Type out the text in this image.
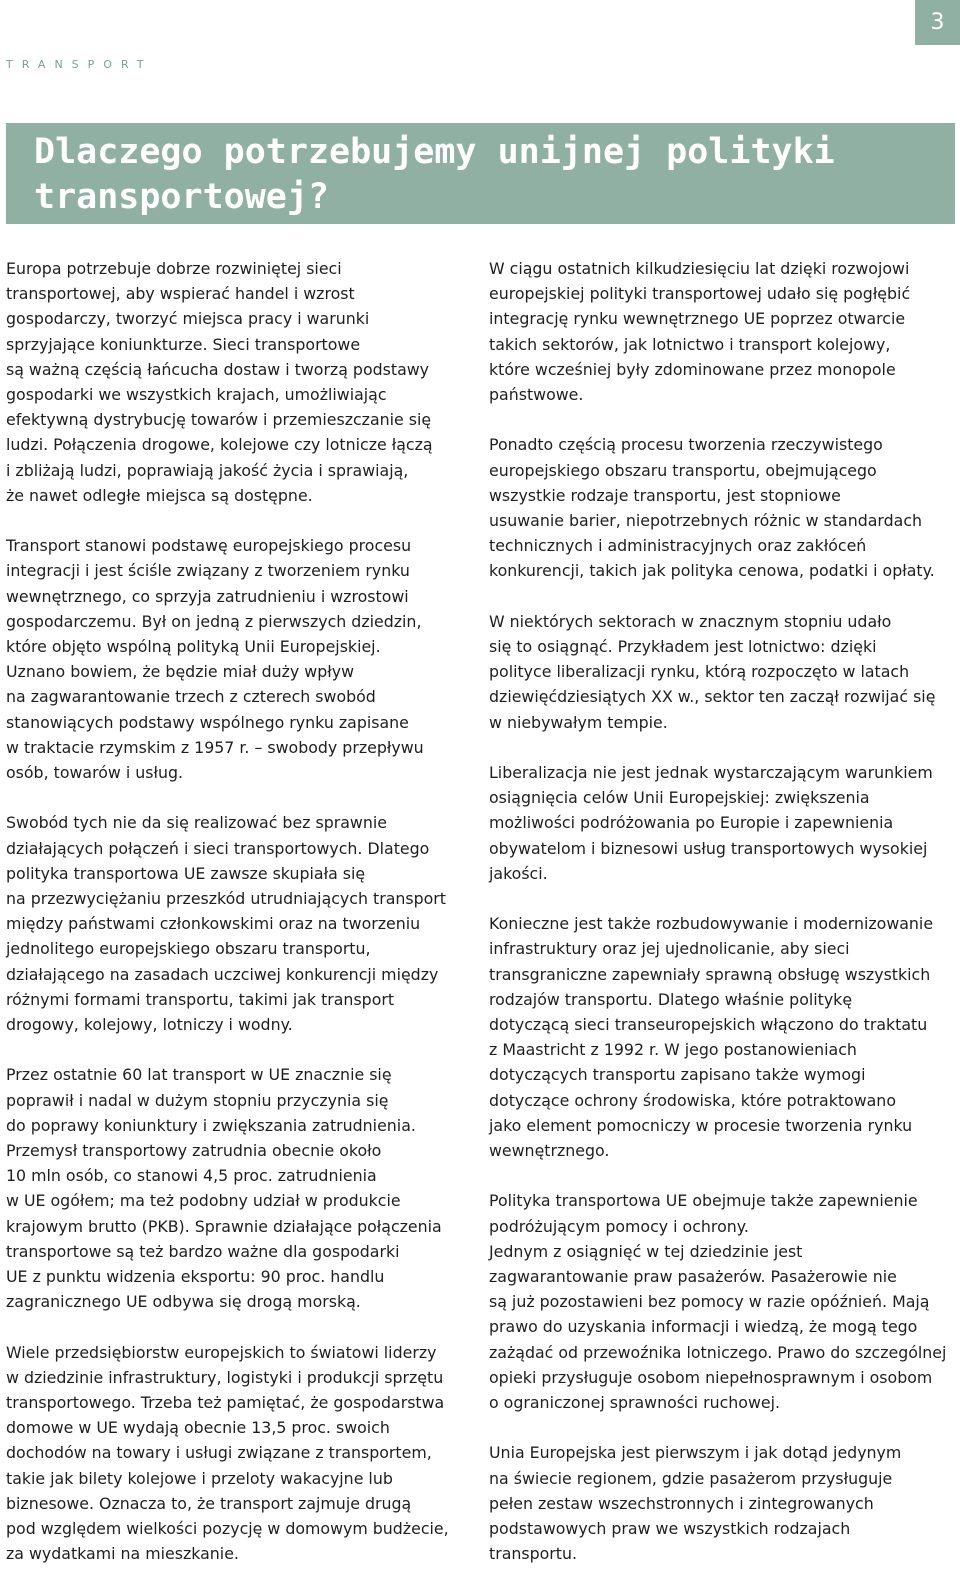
TRANSPORT
3
Dlaczego potrzebujemy unijnej polityki
transportowej?

Europa potrzebuje dobrze rozwiniętej sieci
transportowej, aby wspierać handel i wzrost
gospodarczy, tworzyć miejsca pracy i warunki
sprzyjające koniunkturze. Sieci transportowe
są ważną częścią łańcucha dostaw i tworzą podstawy
gospodarki we wszystkich krajach, umożliwiając
efektywną dystrybucję towarów i przemieszczanie się
ludzi. Połączenia drogowe, kolejowe czy lotnicze łączą
i zbliżają ludzi, poprawiają jakość życia i sprawiają,
że nawet odległe miejsca są dostępne.

Transport stanowi podstawę europejskiego procesu
integracji i jest ściśle związany z tworzeniem rynku
wewnętrznego, co sprzyja zatrudnieniu i wzrostowi
gospodarczemu. Był on jedną z pierwszych dziedzin,
które objęto wspólną polityką Unii Europejskiej.
Uznano bowiem, że będzie miał duży wpływ
na zagwarantowanie trzech z czterech swobód
stanowiących podstawy wspólnego rynku zapisane
w traktacie rzymskim z 1957 r. – swobody przepływu
osób, towarów i usług.

Swobód tych nie da się realizować bez sprawnie
działających połączeń i sieci transportowych. Dlatego
polityka transportowa UE zawsze skupiała się
na przezwyciężaniu przeszkód utrudniających transport
między państwami członkowskimi oraz na tworzeniu
jednolitego europejskiego obszaru transportu,
działającego na zasadach uczciwej konkurencji między
różnymi formami transportu, takimi jak transport
drogowy, kolejowy, lotniczy i wodny.

Przez ostatnie 60 lat transport w UE znacznie się
poprawił i nadal w dużym stopniu przyczynia się
do poprawy koniunktury i zwiększania zatrudnienia.
Przemysł transportowy zatrudnia obecnie około
10 mln osób, co stanowi 4,5 proc. zatrudnienia
w UE ogółem; ma też podobny udział w produkcie
krajowym brutto (PKB). Sprawnie działające połączenia
transportowe są też bardzo ważne dla gospodarki
UE z punktu widzenia eksportu: 90 proc. handlu
zagranicznego UE odbywa się drogą morską.

Wiele przedsiębiorstw europejskich to światowi liderzy
w dziedzinie infrastruktury, logistyki i produkcji sprzętu
transportowego. Trzeba też pamiętać, że gospodarstwa
domowe w UE wydają obecnie 13,5 proc. swoich
dochodów na towary i usługi związane z transportem,
takie jak bilety kolejowe i przeloty wakacyjne lub
biznesowe. Oznacza to, że transport zajmuje drugą
pod względem wielkości pozycję w domowym budżecie,
za wydatkami na mieszkanie.

W ciągu ostatnich kilkudziesięciu lat dzięki rozwojowi
europejskiej polityki transportowej udało się pogłębić
integrację rynku wewnętrznego UE poprzez otwarcie
takich sektorów, jak lotnictwo i transport kolejowy,
które wcześniej były zdominowane przez monopole
państwowe.

Ponadto częścią procesu tworzenia rzeczywistego
europejskiego obszaru transportu, obejmującego
wszystkie rodzaje transportu, jest stopniowe
usuwanie barier, niepotrzebnych różnic w standardach
technicznych i administracyjnych oraz zakłóceń
konkurencji, takich jak polityka cenowa, podatki i opłaty.

W niektórych sektorach w znacznym stopniu udało
się to osiągnąć. Przykładem jest lotnictwo: dzięki
polityce liberalizacji rynku, którą rozpoczęto w latach
dziewięćdziesiątych XX w., sektor ten zaczął rozwijać się
w niebywałym tempie.

Liberalizacja nie jest jednak wystarczającym warunkiem
osiągnięcia celów Unii Europejskiej: zwiększenia
możliwości podróżowania po Europie i zapewnienia
obywatelom i biznesowi usług transportowych wysokiej
jakości.

Konieczne jest także rozbudowywanie i modernizowanie
infrastruktury oraz jej ujednolicanie, aby sieci
transgraniczne zapewniały sprawną obsługę wszystkich
rodzajów transportu. Dlatego właśnie politykę
dotyczącą sieci transeuropejskich włączono do traktatu
z Maastricht z 1992 r. W jego postanowieniach
dotyczących transportu zapisano także wymogi
dotyczące ochrony środowiska, które potraktowano
jako element pomocniczy w procesie tworzenia rynku
wewnętrznego.

Polityka transportowa UE obejmuje także zapewnienie
podróżującym pomocy i ochrony.
Jednym z osiągnięć w tej dziedzinie jest
zagwarantowanie praw pasażerów. Pasażerowie nie
są już pozostawieni bez pomocy w razie opóźnień. Mają
prawo do uzyskania informacji i wiedzą, że mogą tego
zażądać od przewoźnika lotniczego. Prawo do szczególnej
opieki przysługuje osobom niepełnosprawnym i osobom
o ograniczonej sprawności ruchowej.

Unia Europejska jest pierwszym i jak dotąd jedynym
na świecie regionem, gdzie pasażerom przysługuje
pełen zestaw wszechstronnych i zintegrowanych
podstawowych praw we wszystkich rodzajach
transportu.
